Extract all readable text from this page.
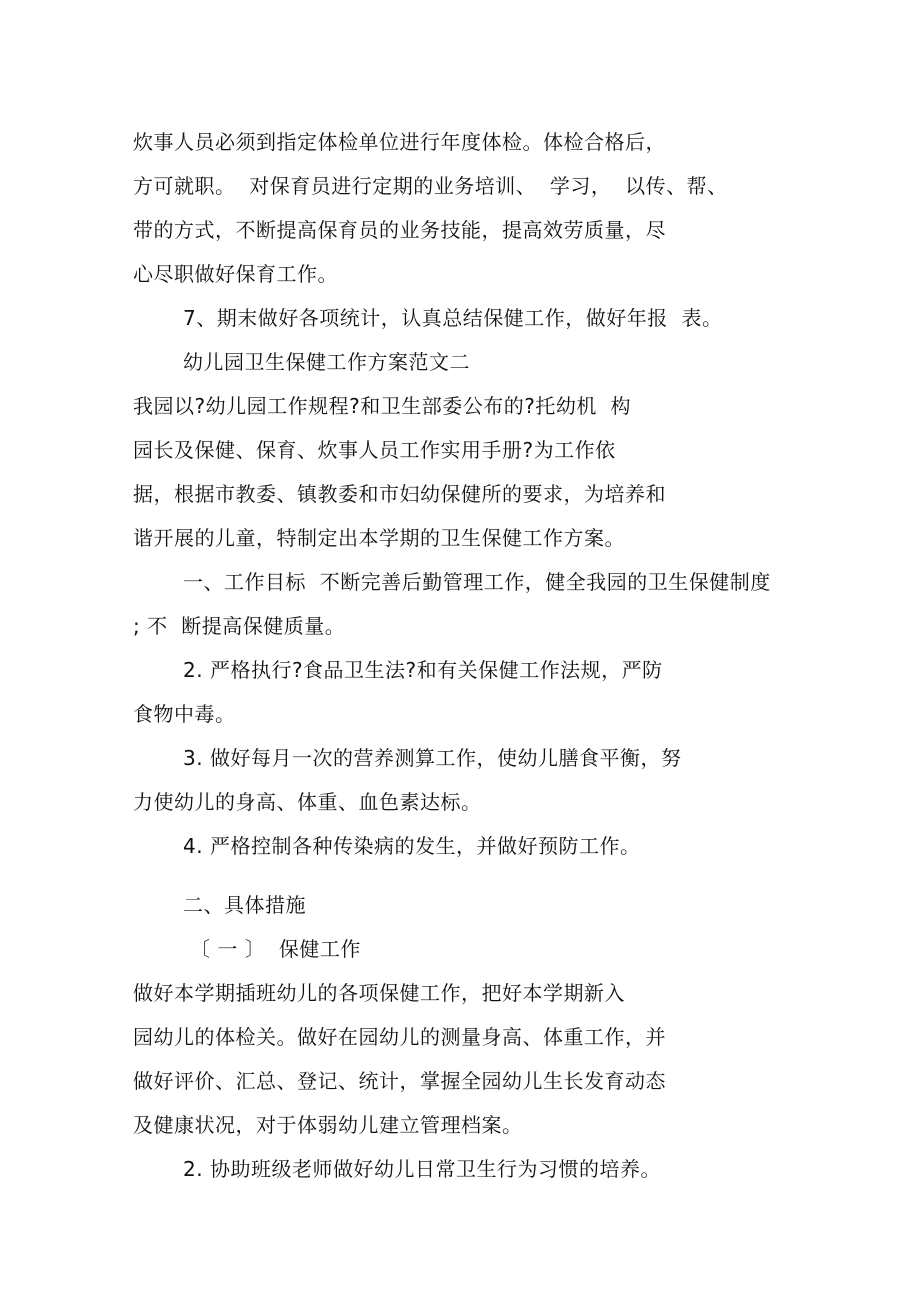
炊事人员必须到指定体检单位进行年度体检。体检合格后，
方可就职。  对保育员进行定期的业务培训、  学习，  以传、帮、
带的方式，不断提高保育员的业务技能，提高效劳质量，尽
心尽职做好保育工作。
7、期末做好各项统计，认真总结保健工作，做好年报  表。
幼儿园卫生保健工作方案范文二
我园以?幼儿园工作规程?和卫生部委公布的?托幼机  构
园长及保健、保育、炊事人员工作实用手册?为工作依
据，根据市教委、镇教委和市妇幼保健所的要求，为培养和
谐开展的儿童，特制定出本学期的卫生保健工作方案。
一、工作目标  不断完善后勤管理工作，健全我园的卫生保健制度
; 不  断提高保健质量。
2. 严格执行?食品卫生法?和有关保健工作法规，严防
食物中毒。
3. 做好每月一次的营养测算工作，使幼儿膳食平衡，努
力使幼儿的身高、体重、血色素达标。
4. 严格控制各种传染病的发生，并做好预防工作。
二、具体措施
〔 一 〕  保健工作
做好本学期插班幼儿的各项保健工作，把好本学期新入
园幼儿的体检关。做好在园幼儿的测量身高、体重工作，并
做好评价、汇总、登记、统计，掌握全园幼儿生长发育动态
及健康状况，对于体弱幼儿建立管理档案。
2. 协助班级老师做好幼儿日常卫生行为习惯的培养。
